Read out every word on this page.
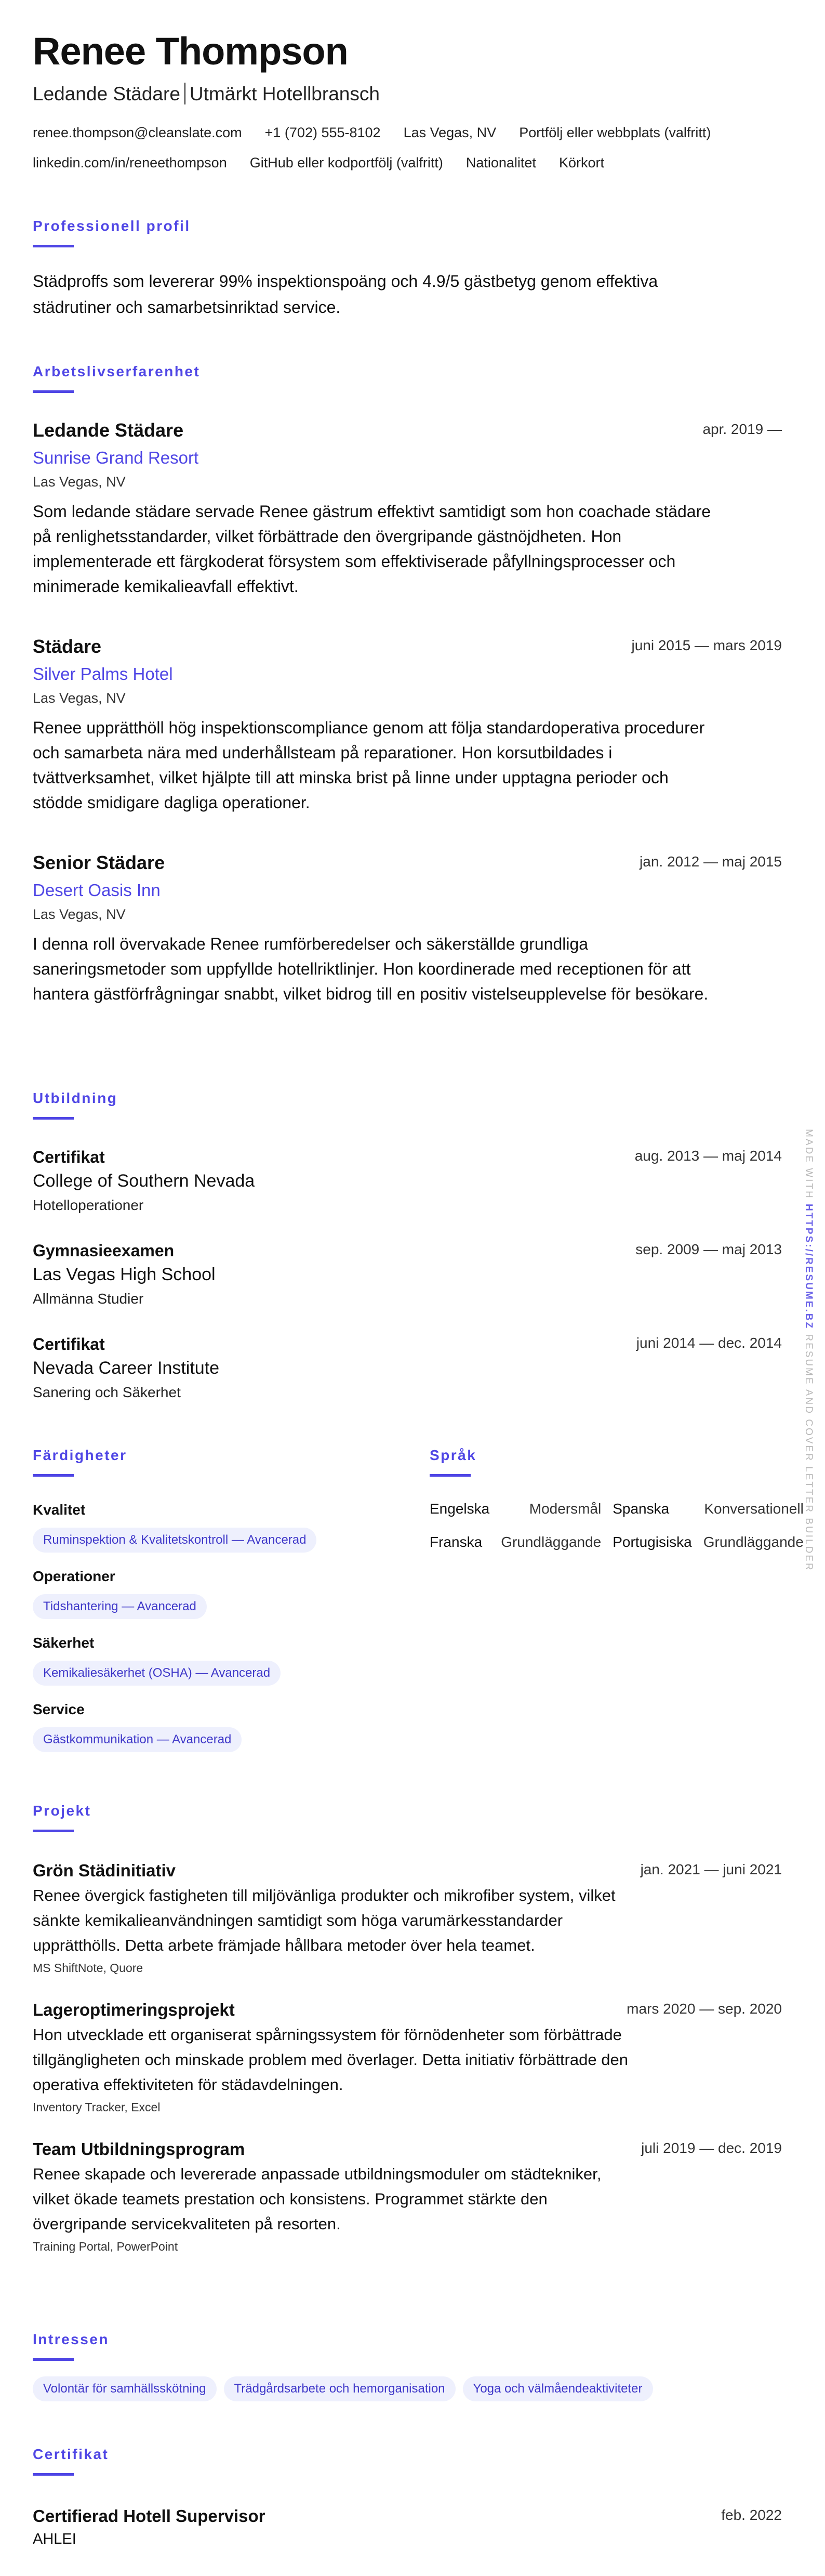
Renee Thompson
Ledande Städare Utmärkt Hotellbransch
renee.thompson@cleanslate.com +1 (702) 555-8102 Las Vegas, NV Portfölj eller webbplats (valfritt)
linkedin.com/in/reneethompson GitHub eller kodportfölj (valfritt) Nationalitet Körkort
Professionell profil
Städproffs som levererar 99% inspektionspoäng och 4.9/5 gästbetyg genom effektiva städrutiner och samarbetsinriktad service.
Arbetslivserfarenhet
Ledande Städare	apr. 2019 —
Sunrise Grand Resort
Las Vegas, NV
Som ledande städare servade Renee gästrum effektivt samtidigt som hon coachade städare på renlighetsstandarder, vilket förbättrade den övergripande gästnöjdheten. Hon implementerade ett färgkoderat försystem som effektiviserade påfyllningsprocesser och minimerade kemikalieavfall effektivt.
Städare	juni 2015 — mars 2019
Silver Palms Hotel
Las Vegas, NV
Renee upprätthöll hög inspektionscompliance genom att följa standardoperativa procedurer och samarbeta nära med underhållsteam på reparationer. Hon korsutbildades i tvättverksamhet, vilket hjälpte till att minska brist på linne under upptagna perioder och stödde smidigare dagliga operationer.
Senior Städare	jan. 2012 — maj 2015
Desert Oasis Inn
Las Vegas, NV
I denna roll övervakade Renee rumförberedelser och säkerställde grundliga saneringsmetoder som uppfyllde hotellriktlinjer. Hon koordinerade med receptionen för att hantera gästförfrågningar snabbt, vilket bidrog till en positiv vistelseupplevelse för besökare.
Utbildning
Certifikat	aug. 2013 — maj 2014
College of Southern Nevada
Hotelloperationer
Gymnasieexamen	sep. 2009 — maj 2013
Las Vegas High School
Allmänna Studier
Certifikat	juni 2014 — dec. 2014
Nevada Career Institute
Sanering och Säkerhet
Färdigheter
Kvalitet
Ruminspektion & Kvalitetskontroll — Avancerad
Operationer
Tidshantering — Avancerad
Säkerhet
Kemikaliesäkerhet (OSHA) — Avancerad
Service
Gästkommunikation — Avancerad
Språk
Engelska	Modersmål	Spanska	Konversationell
Franska	Grundläggande	Portugisiska	Grundläggande
Projekt
Grön Städinitiativ	jan. 2021 — juni 2021
Renee övergick fastigheten till miljövänliga produkter och mikrofiber system, vilket sänkte kemikalieanvändningen samtidigt som höga varumärkesstandarder upprätthölls. Detta arbete främjade hållbara metoder över hela teamet.
MS ShiftNote, Quore
Lageroptimeringsprojekt	mars 2020 — sep. 2020
Hon utvecklade ett organiserat spårningssystem för förnödenheter som förbättrade tillgängligheten och minskade problem med överlager. Detta initiativ förbättrade den operativa effektiviteten för städavdelningen.
Inventory Tracker, Excel
Team Utbildningsprogram	juli 2019 — dec. 2019
Renee skapade och levererade anpassade utbildningsmoduler om städtekniker, vilket ökade teamets prestation och konsistens. Programmet stärkte den övergripande servicekvaliteten på resorten.
Training Portal, PowerPoint
Intressen
Volontär för samhällsskötning Trädgårdsarbete och hemorganisation Yoga och välmåendeaktiviteter
Certifikat
Certifierad Hotell Supervisor	feb. 2022
AHLEI
MADE WITH HTTPS://RESUME.BZ RESUME AND COVER LETTER BUILDER
